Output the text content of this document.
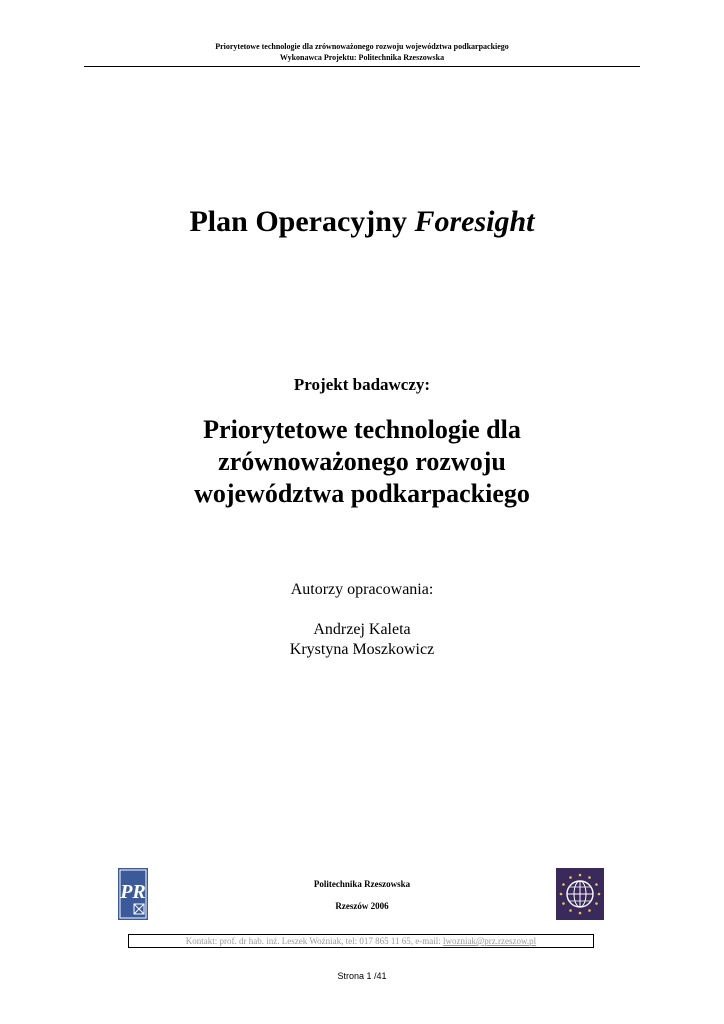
Priorytetowe technologie dla zrównoważonego rozwoju województwa podkarpackiego
Wykonawca Projektu: Politechnika Rzeszowska
Plan Operacyjny Foresight
Projekt badawczy:
Priorytetowe technologie dla
zrównoważonego rozwoju
województwa podkarpackiego
Autorzy opracowania:
Andrzej Kaleta
Krystyna Moszkowicz
PR	Politechnika Rzeszowska
Rzeszów 2006
Kontakt: prof. dr hab. inż. Leszek Woźniak, tel: 017 865 11 65, e-mail: lwozniak@prz.rzeszow.pl
Strona 1 /41
